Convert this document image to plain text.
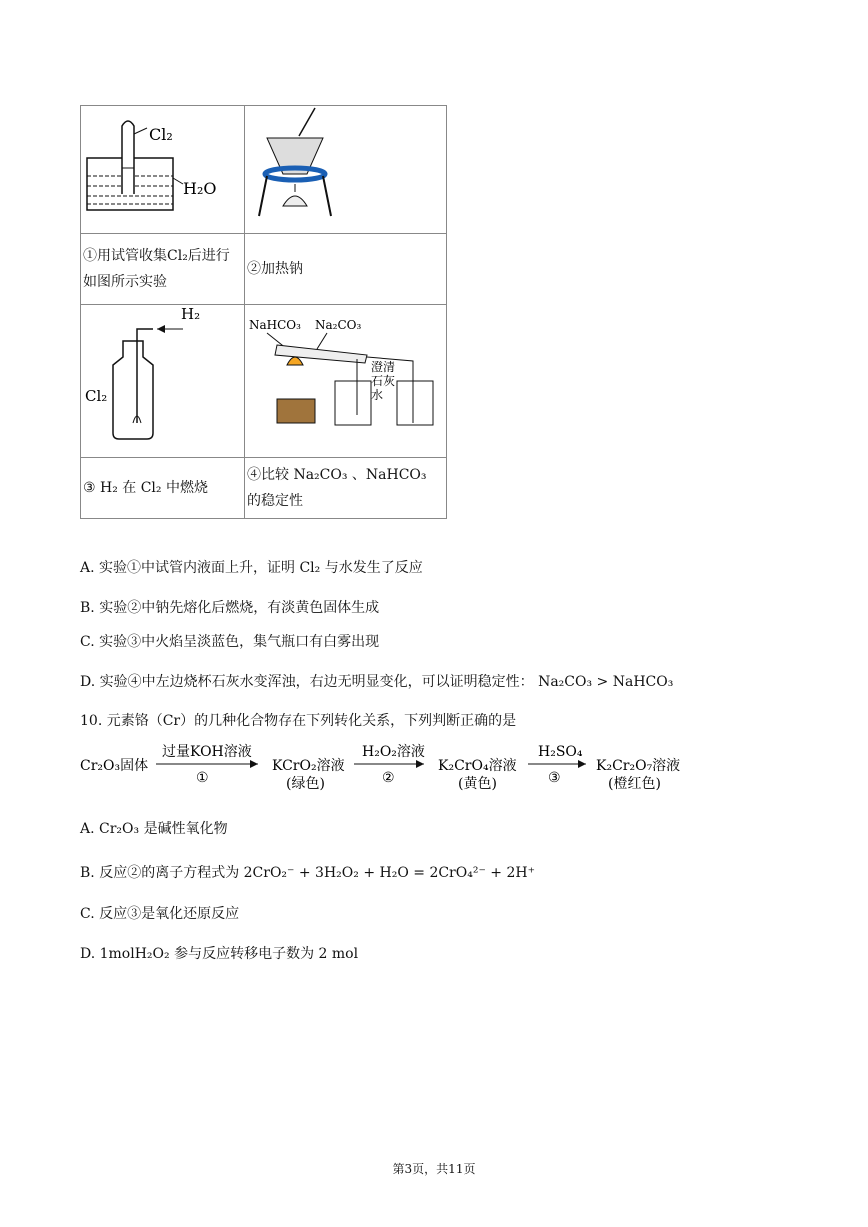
Cl₂
H₂O

①用试管收集Cl₂后进行如图所示实验	②加热钠

H₂
Cl₂	NaHCO₃ Na₂CO₃
澄清
石灰
水

③ H₂ 在 Cl₂ 中燃烧	④比较 Na₂CO₃ 、NaHCO₃ 的稳定性
A. 实验①中试管内液面上升，证明 Cl₂ 与水发生了反应
B. 实验②中钠先熔化后燃烧，有淡黄色固体生成
C. 实验③中火焰呈淡蓝色，集气瓶口有白雾出现
D. 实验④中左边烧杯石灰水变浑浊，右边无明显变化，可以证明稳定性： Na₂CO₃ > NaHCO₃
10. 元素铬（Cr）的几种化合物存在下列转化关系，下列判断正确的是
Cr₂O₃固体
过量KOH溶液
①
KCrO₂溶液
(绿色)
H₂O₂溶液
②
K₂CrO₄溶液
(黄色)
H₂SO₄
③
K₂Cr₂O₇溶液
(橙红色)
A. Cr₂O₃ 是碱性氧化物
B. 反应②的离子方程式为 2CrO₂⁻ + 3H₂O₂ + H₂O = 2CrO₄²⁻ + 2H⁺
C. 反应③是氧化还原反应
D. 1molH₂O₂ 参与反应转移电子数为 2 mol
第3页，共11页
